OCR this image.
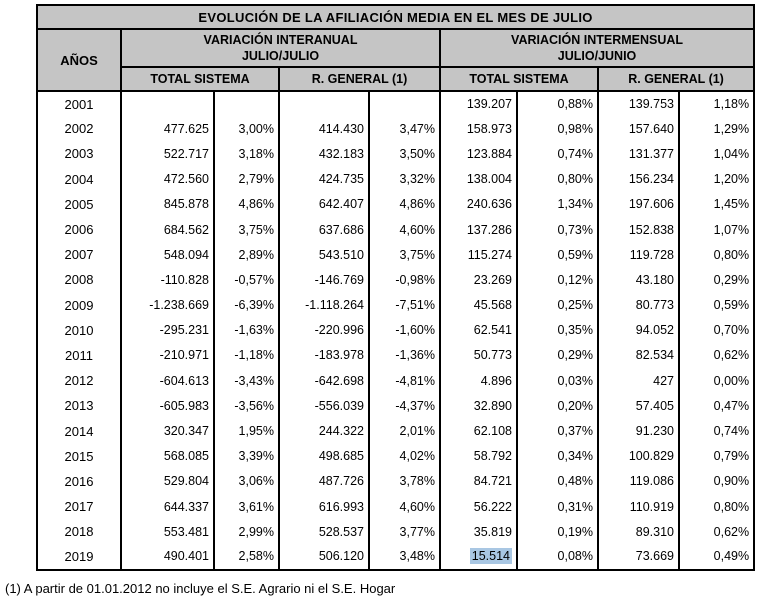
EVOLUCIÓN DE LA AFILIACIÓN MEDIA EN EL MES DE JULIO								
AÑOS	VARIACIÓN INTERANUAL
JULIO/JULIO				VARIACIÓN INTERMENSUAL
JULIO/JUNIO			
	TOTAL SISTEMA		R. GENERAL (1)		TOTAL SISTEMA		R. GENERAL (1)	
2001					139.207	0,88%	139.753	1,18%
2002	477.625	3,00%	414.430	3,47%	158.973	0,98%	157.640	1,29%
2003	522.717	3,18%	432.183	3,50%	123.884	0,74%	131.377	1,04%
2004	472.560	2,79%	424.735	3,32%	138.004	0,80%	156.234	1,20%
2005	845.878	4,86%	642.407	4,86%	240.636	1,34%	197.606	1,45%
2006	684.562	3,75%	637.686	4,60%	137.286	0,73%	152.838	1,07%
2007	548.094	2,89%	543.510	3,75%	115.274	0,59%	119.728	0,80%
2008	-110.828	-0,57%	-146.769	-0,98%	23.269	0,12%	43.180	0,29%
2009	-1.238.669	-6,39%	-1.118.264	-7,51%	45.568	0,25%	80.773	0,59%
2010	-295.231	-1,63%	-220.996	-1,60%	62.541	0,35%	94.052	0,70%
2011	-210.971	-1,18%	-183.978	-1,36%	50.773	0,29%	82.534	0,62%
2012	-604.613	-3,43%	-642.698	-4,81%	4.896	0,03%	427	0,00%
2013	-605.983	-3,56%	-556.039	-4,37%	32.890	0,20%	57.405	0,47%
2014	320.347	1,95%	244.322	2,01%	62.108	0,37%	91.230	0,74%
2015	568.085	3,39%	498.685	4,02%	58.792	0,34%	100.829	0,79%
2016	529.804	3,06%	487.726	3,78%	84.721	0,48%	119.086	0,90%
2017	644.337	3,61%	616.993	4,60%	56.222	0,31%	110.919	0,80%
2018	553.481	2,99%	528.537	3,77%	35.819	0,19%	89.310	0,62%
2019	490.401	2,58%	506.120	3,48%	15.514	0,08%	73.669	0,49%
(1) A partir de 01.01.2012 no incluye el S.E. Agrario ni el S.E. Hogar
